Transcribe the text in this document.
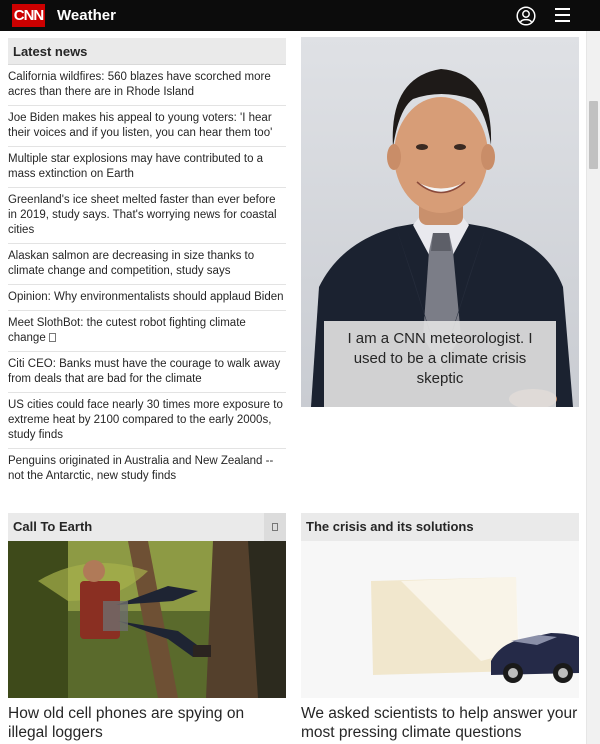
CNN Weather
Latest news
California wildfires: 560 blazes have scorched more acres than there are in Rhode Island
Joe Biden makes his appeal to young voters: 'I hear their voices and if you listen, you can hear them too'
Multiple star explosions may have contributed to a mass extinction on Earth
Greenland's ice sheet melted faster than ever before in 2019, study says. That's worrying news for coastal cities
Alaskan salmon are decreasing in size thanks to climate change and competition, study says
Opinion: Why environmentalists should applaud Biden
Meet SlothBot: the cutest robot fighting climate change
Citi CEO: Banks must have the courage to walk away from deals that are bad for the climate
US cities could face nearly 30 times more exposure to extreme heat by 2100 compared to the early 2000s, study finds
Penguins originated in Australia and New Zealand -- not the Antarctic, new study finds
I am a CNN meteorologist. I used to be a climate crisis skeptic
Call To Earth
How old cell phones are spying on illegal loggers
The crisis and its solutions
We asked scientists to help answer your most pressing climate questions
